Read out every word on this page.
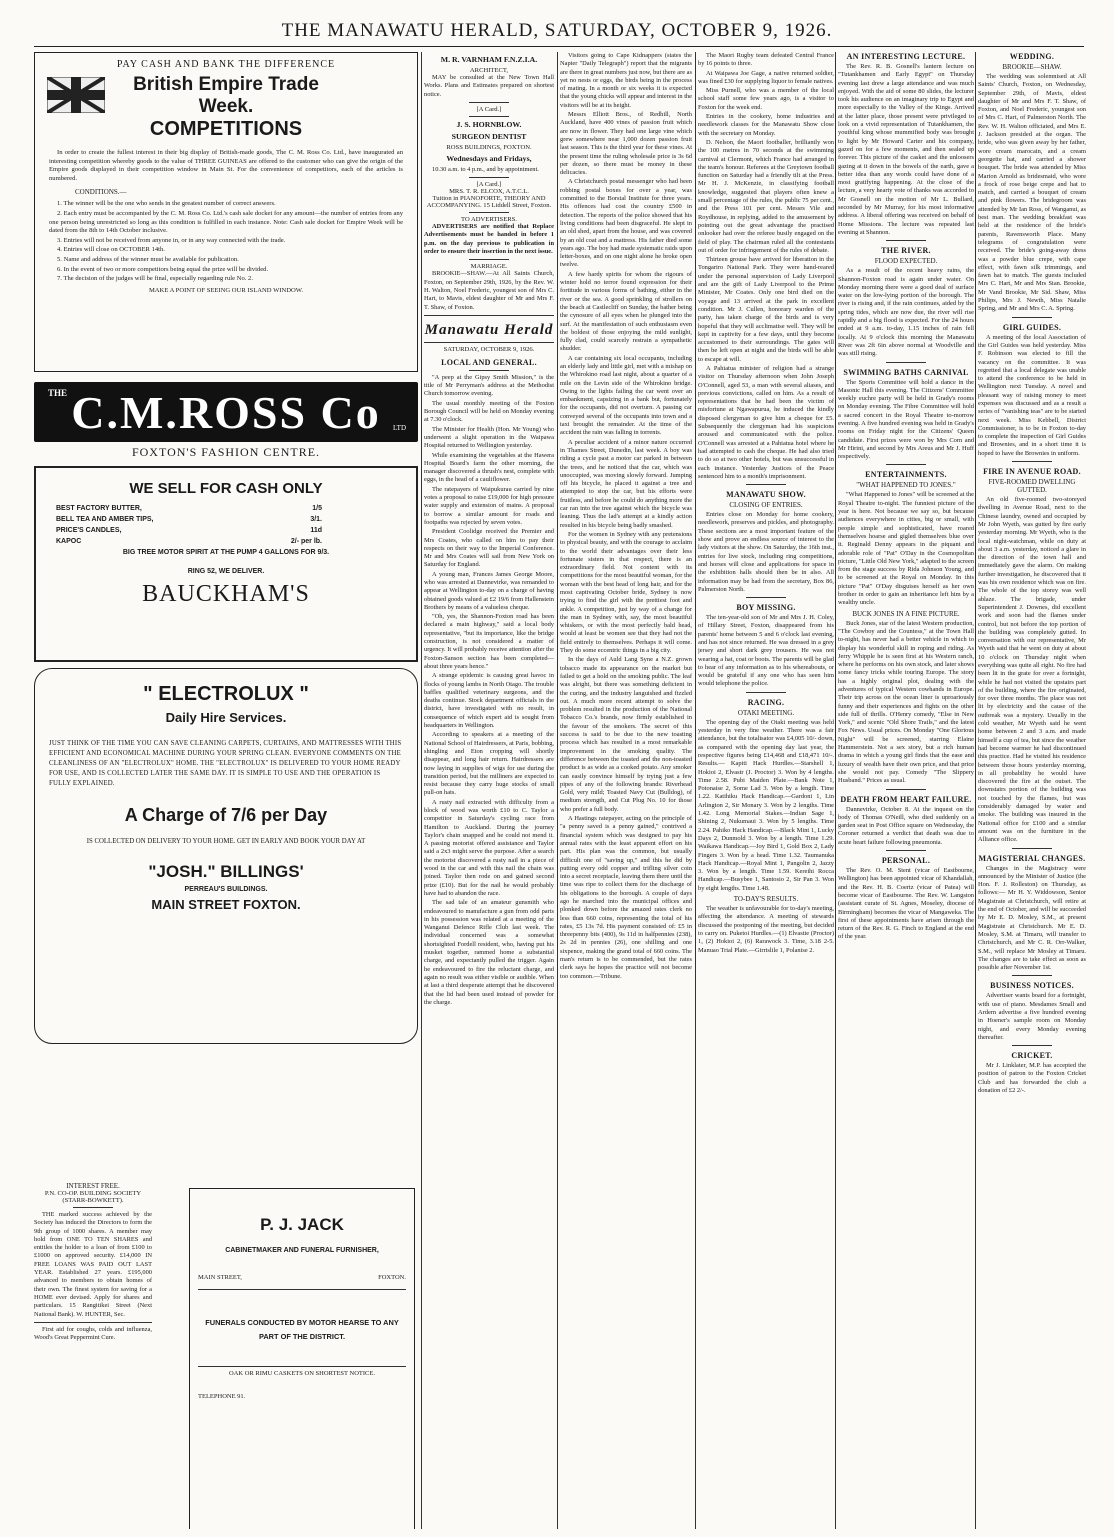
THE MANAWATU HERALD, SATURDAY, OCTOBER 9, 1926.
PAY CASH AND BANK THE DIFFERENCE
British Empire Trade
Week.
COMPETITIONS

In order to create the fullest interest in their big display of British-made goods, The C. M. Ross Co. Ltd., have inaugurated an interesting competition whereby goods to the value of THREE GUINEAS are offered to the customer who can give the origin of the Empire goods displayed in their competition window in Main St. For the convenience of competitors, each of the articles is numbered.

CONDITIONS.—

1. The winner will be the one who sends in the greatest number of correct answers.

2. Each entry must be accompanied by the C. M. Ross Co. Ltd.'s cash sale docket for any amount—the number of entries from any one person being unrestricted so long as this condition is fulfilled in each instance. Note: Cash sale docket for Empire Week will be dated from the 8th to 14th October inclusive.

3. Entries will not be received from anyone in, or in any way connected with the trade.

4. Entries will close on OCTOBER 14th.

5. Name and address of the winner must be available for publication.

6. In the event of two or more competitors being equal the prize will be divided.

7. The decision of the judges will be final, especially regarding rule No. 2.

MAKE A POINT OF SEEING OUR ISLAND WINDOW.
THE C.M.ROSS Co	LTD
FOXTON'S FASHION CENTRE.
WE SELL FOR CASH ONLY
BEST FACTORY BUTTER,	1/5
BELL TEA AND AMBER TIPS,	3/1.
PRICE'S CANDLES,	11d
KAPOC	2/- per lb.
BIG TREE MOTOR SPIRIT AT THE PUMP 4 GALLONS FOR 9/3.
RING 52, WE DELIVER.
BAUCKHAM'S
" ELECTROLUX "
Daily Hire Services.
JUST THINK OF THE TIME YOU CAN SAVE CLEANING CARPETS, CURTAINS, AND MATTRESSES WITH THIS EFFICIENT AND ECONOMICAL MACHINE DURING YOUR SPRING CLEAN. EVERYONE COMMENTS ON THE CLEANLINESS OF AN "ELECTROLUX" HOME. THE "ELECTROLUX" IS DELIVERED TO YOUR HOME READY FOR USE, AND IS COLLECTED LATER THE SAME DAY. IT IS SIMPLE TO USE AND THE OPERATION IS FULLY EXPLAINED.
A Charge of 7/6 per Day
IS COLLECTED ON DELIVERY TO YOUR HOME. GET IN EARLY AND BOOK YOUR DAY AT
"JOSH." BILLINGS'
PERREAU'S BUILDINGS.
MAIN STREET FOXTON.
INTEREST FREE.
P.N. CO-OP. BUILDING SOCIETY
(STARR-BOWKETT).

THE marked success achieved by the Society has induced the Directors to form the 9th group of 1000 shares. A member may hold from ONE TO TEN SHARES and entitles the holder to a loan of from £100 to £1000 on approved security. £14,000 IN FREE LOANS WAS PAID OUT LAST YEAR. Established 27 years. £195,000 advanced to members to obtain homes of their own. The finest system for saving for a HOME ever devised. Apply for shares and particulars. 15 Rangitikei Street (Next National Bank). W. HUNTER, Sec.

First aid for coughs, colds and influenza, Wood's Great Peppermint Cure.

P. J. JACK
CABINETMAKER AND FUNERAL FURNISHER,
MAIN STREET,	FOXTON.
FUNERALS CONDUCTED BY MOTOR HEARSE TO ANY PART OF THE DISTRICT.
OAK OR RIMU CASKETS ON SHORTEST NOTICE.
TELEPHONE 91.
M. R. VARNHAM F.N.Z.I.A.
ARCHITECT,

MAY be consulted at the New Town Hall Works. Plans and Estimates prepared on shortest notice.

[A Card.]
J. S. HORNBLOW.
SURGEON DENTIST
ROSS BUILDINGS, FOXTON.
Wednesdays and Fridays,

10.30 a.m. to 4 p.m., and by appointment.

[A Card.]
MRS. T. R. ELCOX, A.T.C.L.
Tuition in PIANOFORTE, THEORY AND ACCOMPANYING. 15 Liddell Street, Foxton.
TO ADVERTISERS.

ADVERTISERS are notified that Replace Advertisements must be handed in before 1 p.m. on the day previous to publication in order to ensure their insertion in the next issue.

MARRIAGE.

BROOKIE—SHAW.—At All Saints Church, Foxton, on September 29th, 1926, by the Rev. W. H. Walton, Noel Frederic, youngest son of Mrs C. Hart, to Mavis, eldest daughter of Mr and Mrs F. T. Shaw, of Foxton.

Manawatu Herald
SATURDAY, OCTOBER 9, 1926.
LOCAL AND GENERAL.

"A peep at the Gipsy Smith Mission," is the title of Mr Perryman's address at the Methodist Church tomorrow evening.

The usual monthly meeting of the Foxton Borough Council will be held on Monday evening at 7.30 o'clock.

The Minister for Health (Hon. Mr Young) who underwent a slight operation in the Waipawa Hospital returned to Wellington yesterday.

While examining the vegetables at the Hawera Hospital Board's farm the other morning, the manager discovered a thrush's nest, complete with eggs, in the head of a cauliflower.

The ratepayers of Waipukurau carried by nine votes a proposal to raise £19,000 for high pressure water supply and extension of mains. A proposal to borrow a similar amount for roads and footpaths was rejected by seven votes.

President Coolidge received the Premier and Mrs Coates, who called on him to pay their respects on their way to the Imperial Conference. Mr and Mrs Coates will sail from New York on Saturday for England.

A young man, Frances James George Moore, who was arrested at Dannevirke, was remanded to appear at Wellington to-day on a charge of having obtained goods valued at £2 19/6 from Hallenstein Brothers by means of a valueless cheque.

"Oh, yes, the Shannon-Foxton road has been declared a main highway," said a local body representative, "but its importance, like the bridge construction, is not considered a matter of urgency. It will probably receive attention after the Foxton-Sanson section has been completed—about three years hence."

A strange epidemic is causing great havoc in flocks of young lambs in North Otago. The trouble baffles qualified veterinary surgeons, and the deaths continue. Stock department officials in the district, have investigated with no result, in consequence of which expert aid is sought from headquarters in Wellington.

According to speakers at a meeting of the National School of Hairdressers, at Paris, bobbing, shingling and Eton cropping will shortly disappear, and long hair return. Hairdressers are now laying in supplies of wigs for use during the transition period, but the milliners are expected to resist because they carry huge stocks of small pull-on hats.

A rusty nail extracted with difficulty from a block of wood was worth £10 to C. Taylor a competitor in Saturday's cycling race from Hamilton to Auckland. During the journey Taylor's chain snapped and he could not mend it. A passing motorist offered assistance and Taylor said a 2x3 might serve the purpose. After a search the motorist discovered a rusty nail in a piece of wood in the car and with this nail the chain was joined. Taylor then rode on and gained second prize (£10). But for the nail he would probably have had to abandon the race.

The sad tale of an amateur gunsmith who endeavoured to manufacture a gun from odd parts in his possession was related at a meeting of the Wanganui Defence Rifle Club last week. The individual concerned was a somewhat shortsighted Fordell resident, who, having put his musket together, rammed home a substantial charge, and expectantly pulled the trigger. Again he endeavoured to fire the reluctant charge, and again no result was either visible or audible. When at last a third desperate attempt that he discovered that the lid had been used instead of powder for the charge.

Visitors going to Cape Kidnappers (states the Napier "Daily Telegraph") report that the migrants are there in great numbers just now, but there are as yet no nests or eggs, the birds being in the process of mating. In a month or six weeks it is expected that the young chicks will appear and interest in the visitors will be at its height.

Messrs Elliott Bros., of Redhill, North Auckland, have 400 vines of passion fruit which are now in flower. They had one large vine which grew somewhere near 1,000 dozen passion fruit last season. This is the third year for these vines. At the present time the ruling wholesale price is 3s 6d per dozen, so there must be money in these delicacies.

A Christchurch postal messenger who had been robbing postal boxes for over a year, was committed to the Borstal Institute for three years. His offences had cost the country £500 in detection. The reports of the police showed that his living conditions had been disgraceful. He slept in an old shed, apart from the house, and was covered by an old coat and a mattress. His father died some years ago. The boy had made systematic raids upon letter-boxes, and on one night alone he broke open twelve.

A few hardy spirits for whom the rigours of winter hold no terror found expression for their fortitude in various forms of bathing, either in the river or the sea. A good sprinkling of strollers on the beach at Castlecliff on Sunday, the bather being the cynosure of all eyes when he plunged into the surf. At the manifestation of such enthusiasm even the boldest of those enjoying the mild sunlight, fully clad, could scarcely restrain a sympathetic shudder.

A car containing six local occupants, including an elderly lady and little girl, met with a mishap on the Whirokino road last night, about a quarter of a mile on the Levin side of the Whirokino bridge. Owing to the lights failing the car went over an embankment, capsizing in a bank but, fortunately for the occupants, did not overturn. A passing car conveyed several of the occupants into town and a taxi brought the remainder. At the time of the accident the rain was falling in torrents.

A peculiar accident of a minor nature occurred in Thames Street, Dunedin, last week. A boy was riding a cycle past a motor car parked in between the trees, and he noticed that the car, which was unoccupied, was moving slowly forward. Jumping off his bicycle, he placed it against a tree and attempted to stop the car, but his efforts were fruitless, and before he could do anything more the car ran into the tree against which the bicycle was leaning. Thus the lad's attempt at a kindly action resulted in his bicycle being badly smashed.

For the women in Sydney with any pretensions to physical beauty, and with the courage to acclaim to the world their advantages over their less fortunate sisters in that respect, there is an extraordinary field. Not content with its competitions for the most beautiful woman, for the woman with the best head of long hair, and for the most captivating October bride, Sydney is now trying to find the girl with the prettiest foot and ankle. A competition, just by way of a change for the man in Sydney with, say, the most beautiful whiskers, or with the most perfectly bald head, would at least be women see that they had not the field entirely to themselves. Perhaps it will come. They do some eccentric things in a big city.

In the days of Auld Lang Syne a N.Z. grown tobacco made its appearance on the market but failed to get a hold on the smoking public. The leaf was alright, but there was something deficient in the curing, and the industry languished and fizzled out. A much more recent attempt to solve the problem resulted in the production of the National Tobacco Co.'s brands, now firmly established in the favour of the smokers. The secret of this success is said to be due to the new toasting process which has resulted in a most remarkable improvement in the smoking quality. The difference between the toasted and the non-toasted product is as wide as a cooked potato. Any smoker can easily convince himself by trying just a few pipes of any of the following brands: Riverhead Gold, very mild; Toasted Navy Cut (Bulldog), of medium strength, and Cut Plug No. 10 for those who prefer a full body.

A Hastings ratepayer, acting on the principle of "a penny saved is a penny gained," contrived a financial system which was designed to pay his annual rates with the least apparent effort on his part. His plan was the common, but usually difficult one of "saving up," and this he did by putting every odd copper and trifling silver coin into a secret receptacle, leaving them there until the time was ripe to collect them for the discharge of his obligations to the borough. A couple of days ago he marched into the municipal offices and plonked down before the amazed rates clerk no less than 660 coins, representing the total of his rates, £5 13s 7d. His payment consisted of: £5 in threepenny bits (400), 9s 11d in halfpennies (238), 2s 2d in pennies (26), one shilling and one sixpence, making the grand total of 660 coins. The man's return is to be commended, but the rates clerk says he hopes the practice will not become too common.—Tribune.

The Maori Rugby team defeated Central France by 16 points to three.

At Waipawa Joe Gage, a native returned soldier, was fined £30 for supplying liquor to female natives.

Miss Purnell, who was a member of the local school staff some few years ago, is a visitor to Foxton for the week end.

Entries in the cookery, home industries and needlework classes for the Manawatu Show close with the secretary on Monday.

D. Nelson, the Maori footballer, brilliantly won the 100 metres in 70 seconds at the swimming carnival at Clermont, which France had arranged in the team's honour. Referees at the Greytown football function on Saturday had a friendly tilt at the Press. Mr H. J. McKenzie, in classifying football knowledge, suggested that players often knew a small percentage of the rules, the public 75 per cent., and the Press 101 per cent. Messrs Vile and Roydhouse, in replying, added to the amusement by pointing out the great advantage the practised onlooker had over the referee busily engaged on the field of play. The chairman ruled all the contestants out of order for infringement of the rules of debate.

Thirteen grouse have arrived for liberation in the Tongariro National Park. They were hand-reared under the personal supervision of Lady Liverpool and are the gift of Lady Liverpool to the Prime Minister, Mr Coates. Only one bird died on the voyage and 13 arrived at the park in excellent condition. Mr J. Cullen, honorary warden of the party, has taken charge of the birds and is very hopeful that they will acclimatise well. They will be kept in captivity for a few days, until they become accustomed to their surroundings. The gates will then be left open at night and the birds will be able to escape at will.

A Pahiatua minister of religion had a strange visitor on Thursday afternoon when John Joseph O'Connell, aged 53, a man with several aliases, and previous convictions, called on him. As a result of representations that he had been the victim of misfortune at Ngawapurua, he induced the kindly disposed clergyman to give him a cheque for £5. Subsequently the clergyman had his suspicions aroused and communicated with the police. O'Connell was arrested at a Pahiatua hotel where he had attempted to cash the cheque. He had also tried to do so at two other hotels, but was unsuccessful in each instance. Yesterday Justices of the Peace sentenced him to a month's imprisonment.

MANAWATU SHOW.
CLOSING OF ENTRIES.

Entries close on Monday for home cookery, needlework, preserves and pickles, and photography. These sections are a most important feature of the show and prove an endless source of interest to the lady visitors at the show. On Saturday, the 16th inst., entries for live stock, including ring competitions, and horses will close and applications for space in the exhibition halls should then be in also. All information may be had from the secretary, Box 86, Palmerston North.

BOY MISSING.

The ten-year-old son of Mr and Mrs J. H. Coley, of Hillary Street, Foxton, disappeared from his parents' home between 5 and 6 o'clock last evening, and has not since returned. He was dressed in a grey jersey and short dark grey trousers. He was not wearing a hat, coat or boots. The parents will be glad to hear of any information as to his whereabouts, or would be grateful if any one who has seen him would telephone the police.

RACING.
OTAKI MEETING.

The opening day of the Otaki meeting was held yesterday in very fine weather. There was a fair attendance, but the totalisator was £4,005 10/- down, as compared with the opening day last year, the respective figures being £14,468 and £18,471 10/-. Results.— Kapiti Hack Hurdles.—Starshell 1, Hokioi 2, Elvastr (J. Proctor) 3. Won by 4 lengths. Time 2.58. Pubi Maiden Plate.—Bank Note 1, Potonaise 2, Some Lad 3. Won by a length. Time 1.22. Katihiku Hack Handicap.—Gardoni 1, Lin Arlington 2, Sir Monary 3. Won by 2 lengths. Time 1.42. Long Memorial Stakes.—Indian Sage 1, Shining 2, Nukumaui 3. Won by 5 lengths. Time 2.24. Pahiko Hack Handicap.—Black Mint 1, Lucky Days 2, Dunmold 3. Won by a length. Time 1.29. Waikawa Handicap.—Joy Bird 1, Gold Box 2, Lady Fingers 3. Won by a head. Time 1.32. Taumanuka Hack Handicap.—Royal Mint 1, Pangolin 2, Jazzy 3. Won by a length. Time 1.59. Kereihi Rocca Handicap.—Busybee 1, Santosio 2, Sir Pan 3. Won by eight lengths. Time 1.48.

TO-DAY'S RESULTS.

The weather is unfavourable for to-day's meeting, affecting the attendance. A meeting of stewards discussed the postponing of the meeting, but decided to carry on. Puketoi Hurdles.—(1) Elvastie (Proctor) 1, (2) Hokioi 2, (6) Rarawock 3. Time, 3.18 2-5. Manuao Trial Plate.—Girrislile 1, Polanise 2.

AN INTERESTING LECTURE.

The Rev. R. B. Gosnell's lantern lecture on "Tutankhamen and Early Egypt" on Thursday evening last drew a large attendance and was much enjoyed. With the aid of some 80 slides, the lecturer took his audience on an imaginary trip to Egypt and more especially to the Valley of the Kings. Arrived at the latter place, those present were privileged to look on a vivid representation of Tutankhamen, the youthful king whose mummified body was brought to light by Mr Howard Carter and his company, gazed on for a few moments, and then sealed up forever. This picture of the casket and the unloosers gazing at it down in the bowels of the earth, gave a better idea than any words could have done of a most gratifying happening. At the close of the lecture, a very hearty vote of thanks was accorded to Mr Gosnell on the motion of Mr L. Bullard, seconded by Mr Murray, for his most informative address. A liberal offering was received on behalf of Home Missions. The lecture was repeated last evening at Shannon.

THE RIVER.
FLOOD EXPECTED.

As a result of the recent heavy rains, the Shannon-Foxton road is again under water. On Monday morning there were a good deal of surface water on the low-lying portion of the borough. The river is rising and, if the rain continues, aided by the spring tides, which are now due, the river will rise rapidly and a big flood is expected. For the 24 hours ended at 9 a.m. to-day, 1.15 inches of rain fell locally. At 9 o'clock this morning the Manawatu River was 2ft 6in above normal at Woodville and was still rising.

SWIMMING BATHS CARNIVAL

The Sports Committee will hold a dance in the Masonic Hall this evening. The Citizens' Committee weekly euchre party will be held in Grady's rooms on Monday evening. The Fibre Committee will hold a sacred concert in the Royal Theatre to-morrow evening. A five hundred evening was held in Grady's rooms on Friday night for the Citizens' Queen candidate. First prizes were won by Mrs Corn and Mr Hirini, and second by Mrs Areus and Mr J. Huff respectively.

ENTERTAINMENTS.
"WHAT HAPPENED TO JONES."

"What Happened to Jones" will be screened at the Royal Theatre to-night. The funniest picture of the year is here. Not because we say so, but because audiences everywhere in cities, big or small, with people simple and sophisticated, have roared themselves hoarse and gigled themselves blue over it. Reginald Denny appears in the piquant and adorable role of "Pat" O'Day in the Cosmopolitan picture, "Little Old New York," adapted to the screen from the stage success by Rida Johnson Young, and to be screened at the Royal on Monday. In this picture "Pat" O'Day disguises herself as her own brother in order to gain an inheritance left him by a wealthy uncle.

BUCK JONES IN A FINE PICTURE.

Buck Jones, star of the latest Western production, "The Cowboy and the Countess," at the Town Hall to-night, has never had a better vehicle in which to display his wonderful skill in roping and riding. As Jerry Whipple he is seen first at his Western ranch, where he performs on his own stock, and later shows some fancy tricks while touring Europe. The story has a highly original plot, dealing with the adventures of typical Western cowhands in Europe. Their trip across on the ocean liner is uproariously funny and their experiences and fights on the other side full of thrills. O'Henry comedy, "Else in New York," and scenic "Old Shore Trails," and the latest Fox News. Usual prices. On Monday "One Glorious Night" will be screened, starring Elaine Hammerstein. Not a sex story, but a rich human drama in which a young girl finds that the ease and luxury of wealth have their own price, and that price she would not pay. Comedy "The Slippery Husband." Prices as usual.

DEATH FROM HEART FAILURE.

Dannevirke, October 8. At the inquest on the body of Thomas O'Neill, who died suddenly on a garden seat in Post Office square on Wednesday, the Coroner returned a verdict that death was due to acute heart failure following pneumonia.

PERSONAL.

The Rev. O. M. Stent (vicar of Eastbourne, Wellington) has been appointed vicar of Khandallah, and the Rev. H. B. Coertz (vicar of Patea) will become vicar of Eastbourne. The Rev. W. Langston (assistant curate of St. Agnes, Moseley, diocese of Birmingham) becomes the vicar of Mangaweka. The first of these appointments have arisen through the return of the Rev. R. G. Finch to England at the end of the year.

WEDDING.
BROOKIE—SHAW.

The wedding was solemnised at All Saints' Church, Foxton, on Wednesday, September 29th, of Mavis, eldest daughter of Mr and Mrs F. T. Shaw, of Foxton, and Noel Frederic, youngest son of Mrs C. Hart, of Palmerston North. The Rev. W. H. Walton officiated, and Mrs E. J. Jackson presided at the organ. The bride, who was given away by her father, wore cream marocain, and a cream georgette hat, and carried a shower bouquet. The bride was attended by Miss Marion Arnold as bridesmaid, who wore a frock of rose beige crepe and hat to match, and carried a bouquet of cream and pink flowers. The bridegroom was attended by Mr Ian Ross, of Wanganui, as best man. The wedding breakfast was held at the residence of the bride's parents, Ravensworth Place. Many telegrams of congratulation were received. The bride's going-away dress was a powder blue crepe, with cape effect, with fawn silk trimmings, and fawn hat to match. The guests included Mrs C. Hart, Mr and Mrs Stan. Brookie, Mr Vand Brookie, Mr Sid. Shaw, Miss Philips, Mrs J. Newth, Miss Natalie Spring, and Mr and Mrs C. A. Spring.

GIRL GUIDES.

A meeting of the local Association of the Girl Guides was held yesterday. Miss F. Robinson was elected to fill the vacancy on the committee. It was regretted that a local delegate was unable to attend the conference to be held in Wellington next Tuesday. A novel and pleasant way of raising money to meet expenses was discussed and as a result a series of "vanishing teas" are to be started next week. Miss Kebbell, District Commissioner, is to be in Foxton to-day to complete the inspection of Girl Guides and Brownies, and in a short time it is hoped to have the Brownies in uniform.

FIRE IN AVENUE ROAD.
FIVE-ROOMED DWELLING GUTTED.

An old five-roomed two-storeyed dwelling in Avenue Road, next to the Chinese laundry, owned and occupied by Mr John Wyeth, was gutted by fire early yesterday morning. Mr Wyeth, who is the local night-watchman, while on duty at about 3 a.m. yesterday, noticed a glare in the direction of the town hall and immediately gave the alarm. On making further investigation, he discovered that it was his own residence which was on fire. The whole of the top storey was well ablaze. The brigade, under Superintendent J. Downes, did excellent work and soon had the flames under control, but not before the top portion of the building was completely gutted. In conversation with our representative, Mr Wyeth said that he went on duty at about 10 o'clock on Thursday night when everything was quite all right. No fire had been lit in the grate for over a fortnight, while he had not visited the upstairs part of the building, where the fire originated, for over three months. The place was not lit by electricity and the cause of the outbreak was a mystery. Usually in the cold weather, Mr Wyeth said he went home between 2 and 3 a.m. and made himself a cup of tea, but since the weather had become warmer he had discontinued this practice. Had he visited his residence between those hours yesterday morning, in all probability he would have discovered the fire at the outset. The downstairs portion of the building was not touched by the flames, but was considerably damaged by water and smoke. The building was insured in the National office for £100 and a similar amount was on the furniture in the Alliance office.

MAGISTERIAL CHANGES.

Changes in the Magistracy were announced by the Minister of Justice (the Hon. F. J. Rolleston) on Thursday, as follows:— Mr H. Y. Widdowson, Senior Magistrate at Christchurch, will retire at the end of October, and will be succeeded by Mr E. D. Mosley, S.M., at present Magistrate at Christchurch. Mr E. D. Mosley, S.M. at Timaru, will transfer to Christchurch, and Mr C. R. Orr-Walker, S.M., will replace Mr Mosley at Timaru. The changes are to take effect as soon as possible after November 1st.

BUSINESS NOTICES.

Advertiser wants board for a fortnight, with use of piano. Mesdames Small and Ardern advertise a five hundred evening in Hoener's sample room on Monday night, and every Monday evening thereafter.

CRICKET.

Mr J. Linklater, M.P. has accepted the position of patron to the Foxton Cricket Club and has forwarded the club a donation of £2 2/-.
